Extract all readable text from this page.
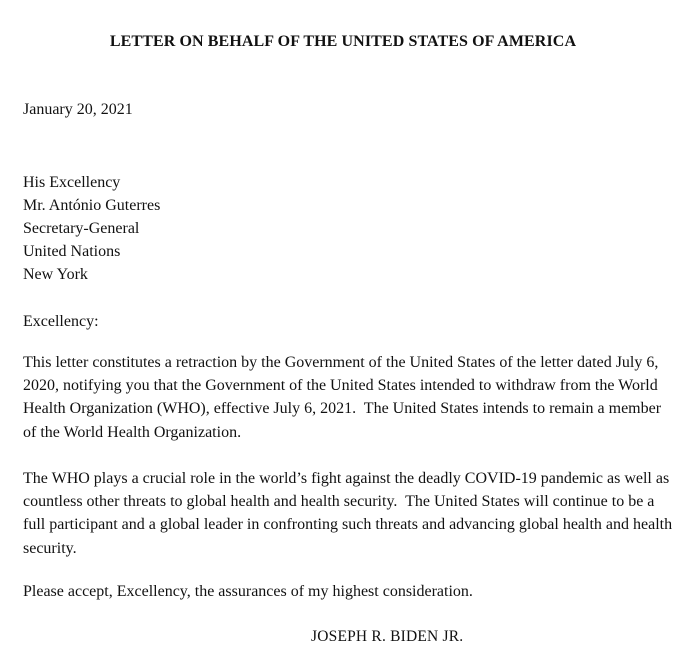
LETTER ON BEHALF OF THE UNITED STATES OF AMERICA
January 20, 2021
His Excellency
Mr. António Guterres
Secretary-General
United Nations
New York
Excellency:
This letter constitutes a retraction by the Government of the United States of the letter dated July 6, 2020, notifying you that the Government of the United States intended to withdraw from the World Health Organization (WHO), effective July 6, 2021.  The United States intends to remain a member of the World Health Organization.
The WHO plays a crucial role in the world’s fight against the deadly COVID-19 pandemic as well as countless other threats to global health and health security.  The United States will continue to be a full participant and a global leader in confronting such threats and advancing global health and health security.
Please accept, Excellency, the assurances of my highest consideration.
JOSEPH R. BIDEN JR.
